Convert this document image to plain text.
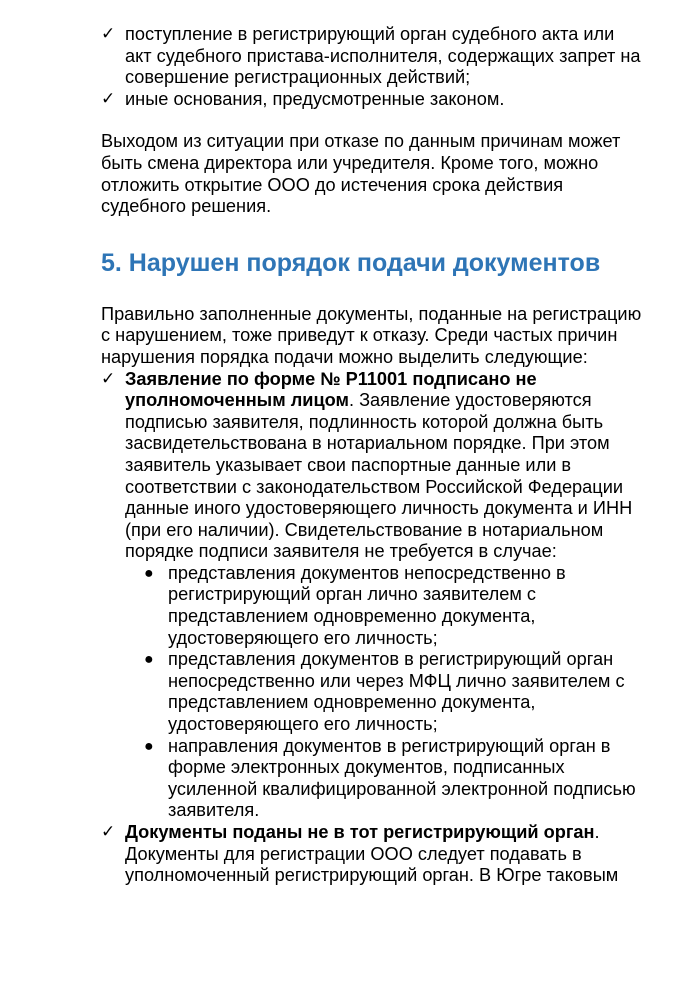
✓ поступление в регистрирующий орган судебного акта или акт судебного пристава-исполнителя, содержащих запрет на совершение регистрационных действий;
✓ иные основания, предусмотренные законом.

Выходом из ситуации при отказе по данным причинам может быть смена директора или учредителя. Кроме того, можно отложить открытие ООО до истечения срока действия судебного решения.

5. Нарушен порядок подачи документов

Правильно заполненные документы, поданные на регистрацию с нарушением, тоже приведут к отказу. Среди частых причин нарушения порядка подачи можно выделить следующие:

✓ Заявление по форме № Р11001 подписано не уполномоченным лицом. Заявление удостоверяются подписью заявителя, подлинность которой должна быть засвидетельствована в нотариальном порядке. При этом заявитель указывает свои паспортные данные или в соответствии с законодательством Российской Федерации данные иного удостоверяющего личность документа и ИНН (при его наличии). Свидетельствование в нотариальном порядке подписи заявителя не требуется в случае:
● представления документов непосредственно в регистрирующий орган лично заявителем с представлением одновременно документа, удостоверяющего его личность;
● представления документов в регистрирующий орган непосредственно или через МФЦ лично заявителем с представлением одновременно документа, удостоверяющего его личность;
● направления документов в регистрирующий орган в форме электронных документов, подписанных усиленной квалифицированной электронной подписью заявителя.
✓ Документы поданы не в тот регистрирующий орган. Документы для регистрации ООО следует подавать в уполномоченный регистрирующий орган. В Югре таковым
